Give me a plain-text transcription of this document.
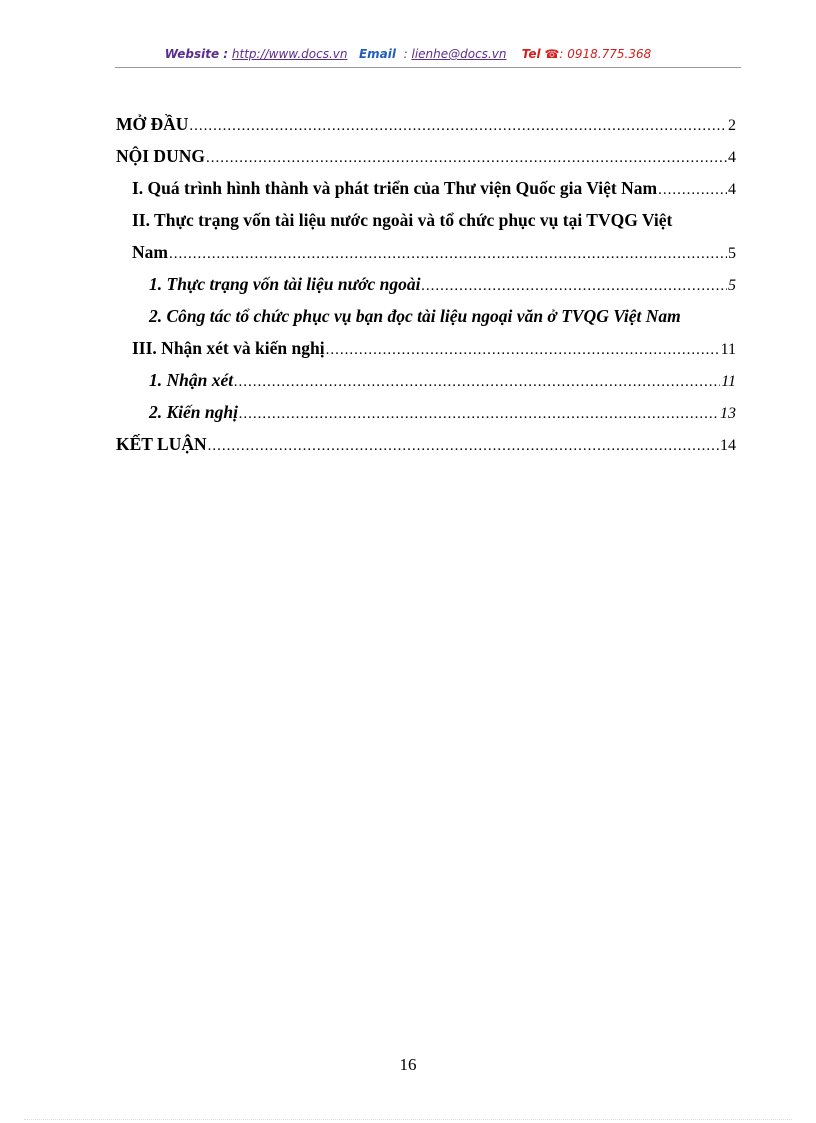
Website : http://www.docs.vn Email : lienhe@docs.vn Tel ☎: 0918.775.368
MỞ ĐẦU .....	2
NỘI DUNG .....	4
I. Quá trình hình thành và phát triển của Thư viện Quốc gia Việt Nam .....	4
II. Thực trạng vốn tài liệu nước ngoài và tổ chức phục vụ tại TVQG Việt
Nam .....	5
1. Thực trạng vốn tài liệu nước ngoài .....	5
2. Công tác tổ chức phục vụ bạn đọc tài liệu ngoại văn ở TVQG Việt Nam
III. Nhận xét và kiến nghị .....	11
1. Nhận xét .....	11
2. Kiến nghị .....	13
KẾT LUẬN .....	14
16
